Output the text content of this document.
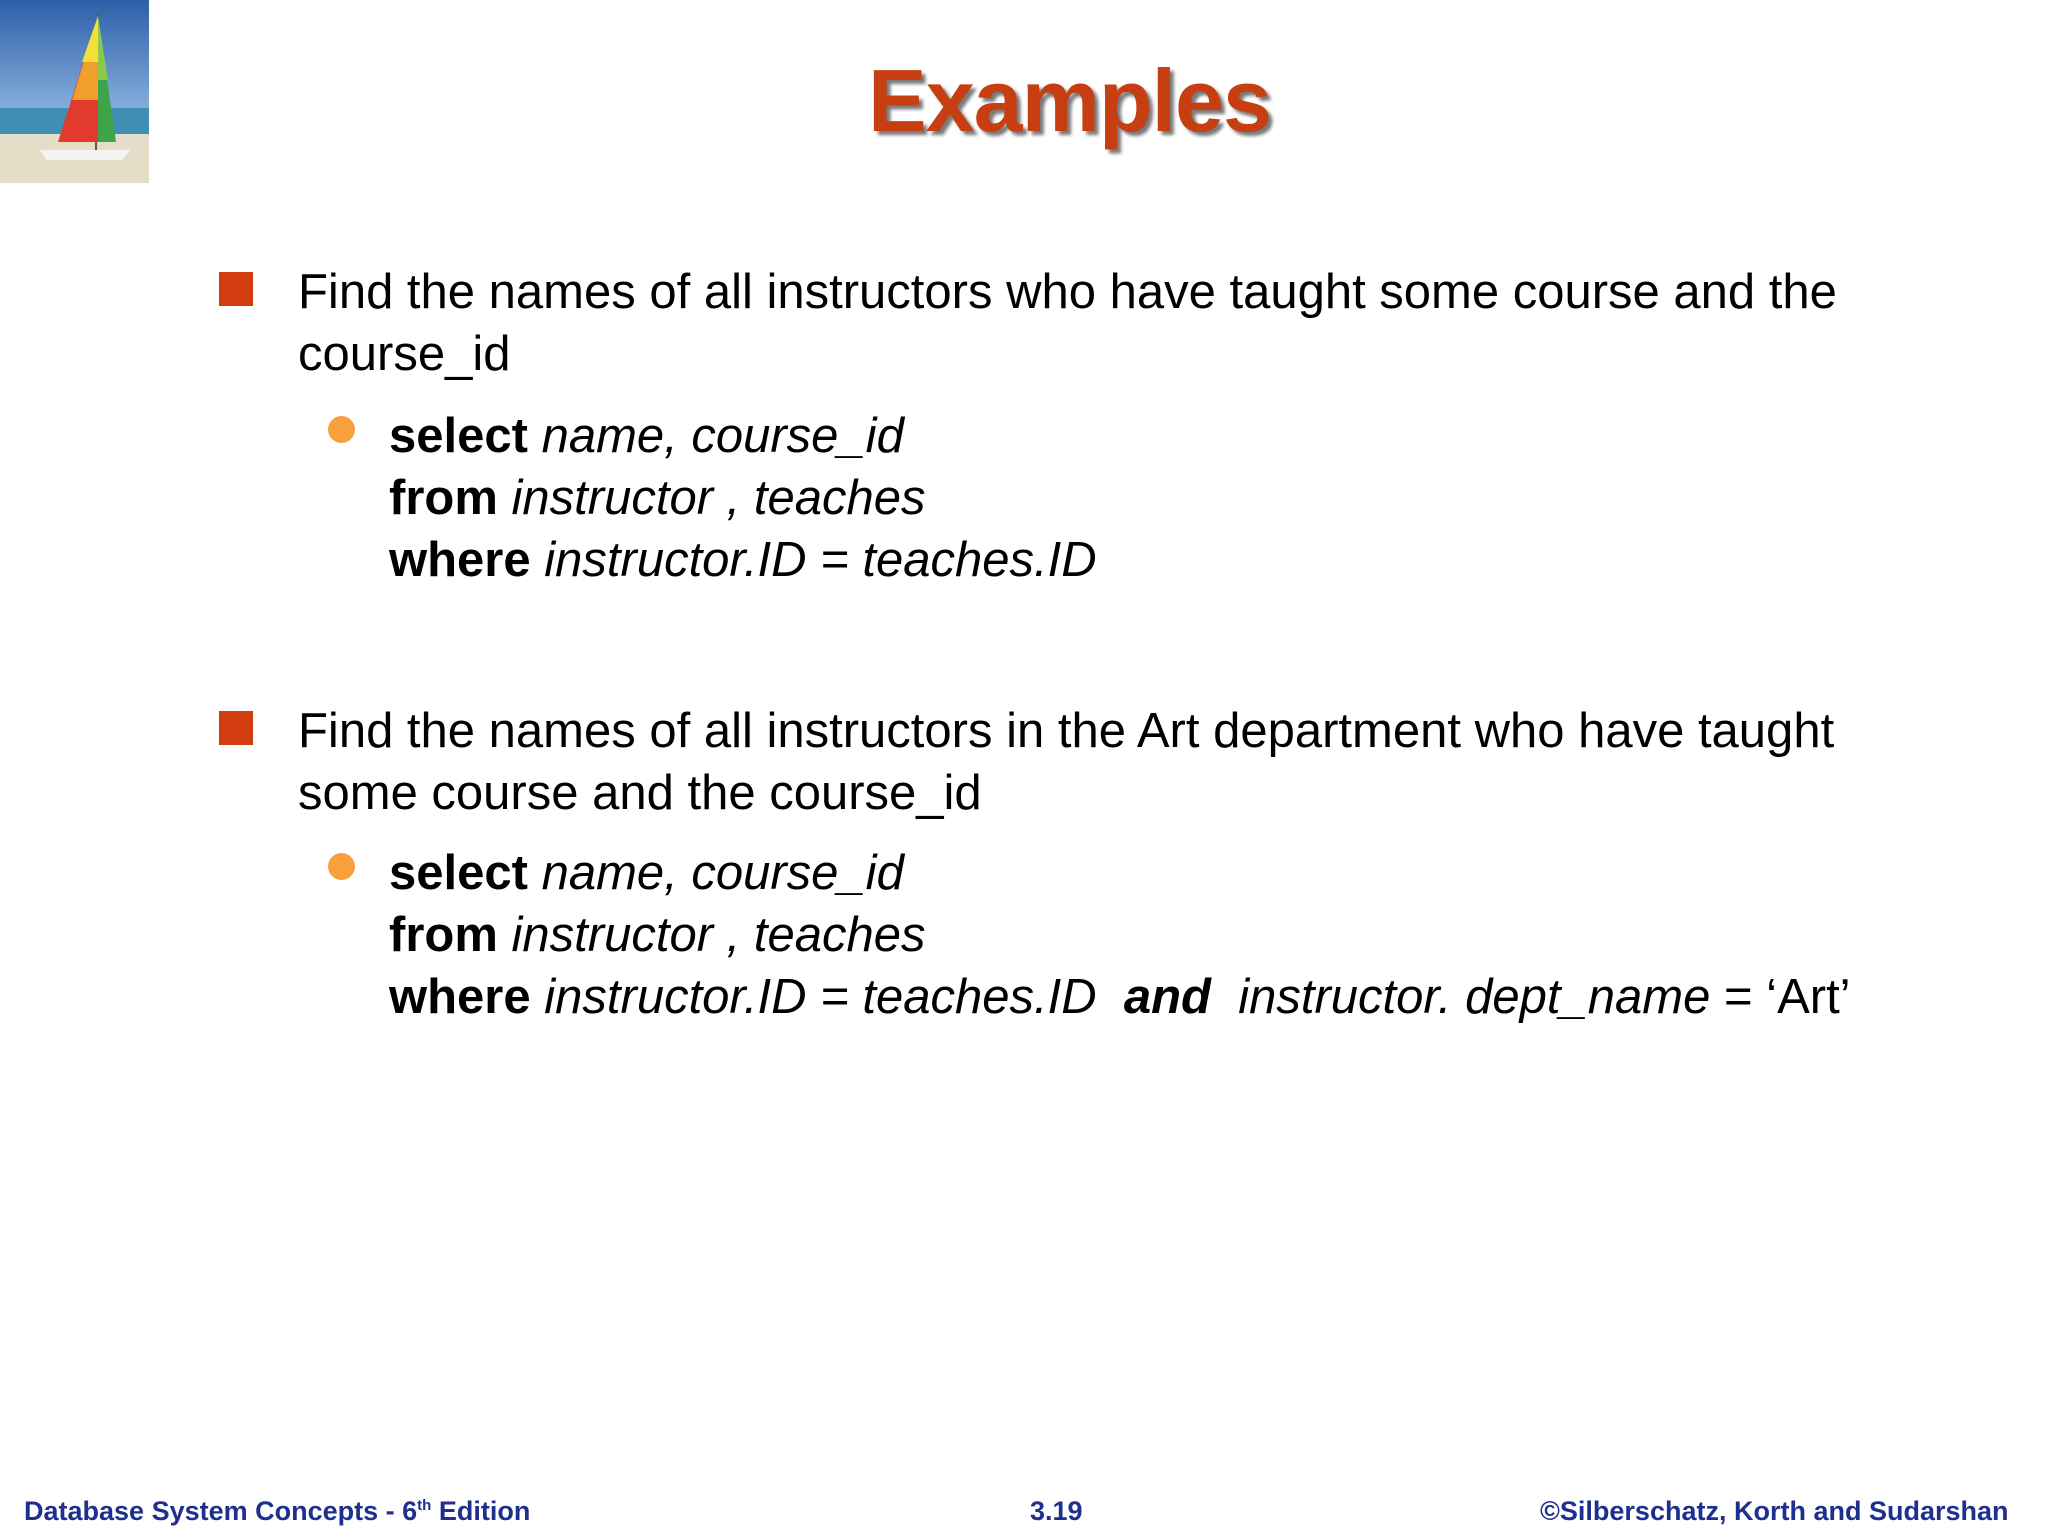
Examples
Find the names of all instructors who have taught some course and the
course_id
select name, course_id
from instructor , teaches
where instructor.ID = teaches.ID
Find the names of all instructors in the Art department who have taught
some course and the course_id
select name, course_id
from instructor , teaches
where instructor.ID = teaches.ID and instructor. dept_name = ‘Art’
Database System Concepts - 6th Edition	3.19	©Silberschatz, Korth and Sudarshan
